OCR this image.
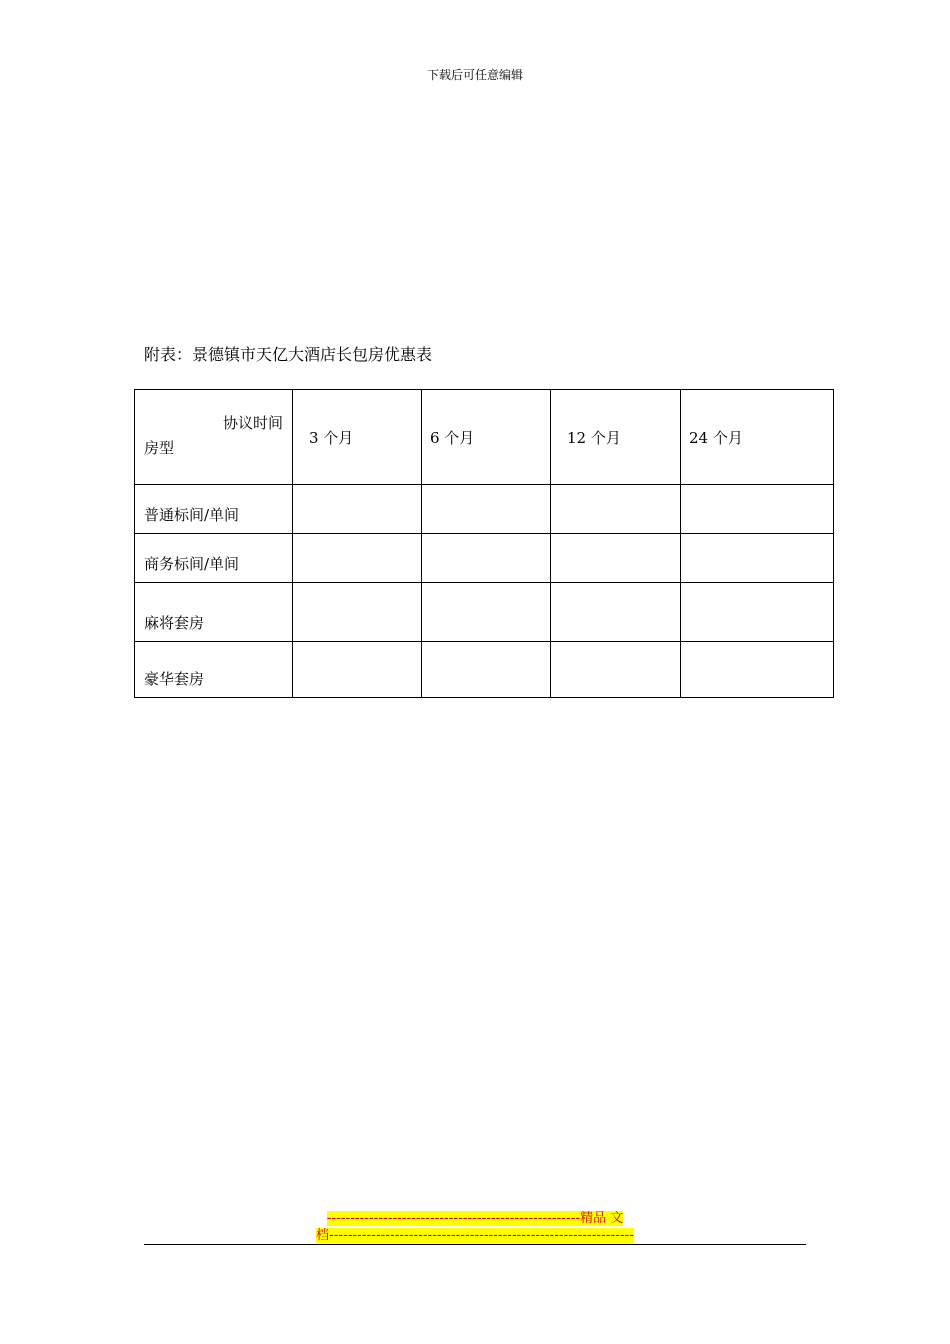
下载后可任意编辑
附表：景德镇市天亿大酒店长包房优惠表
协议时间
房型	3 个月	6 个月	12 个月	24 个月
普通标间/单间				
商务标间/单间				
麻将套房				
豪华套房				
------------------------------------------------------精品 文
档-----------------------------------------------------------------
